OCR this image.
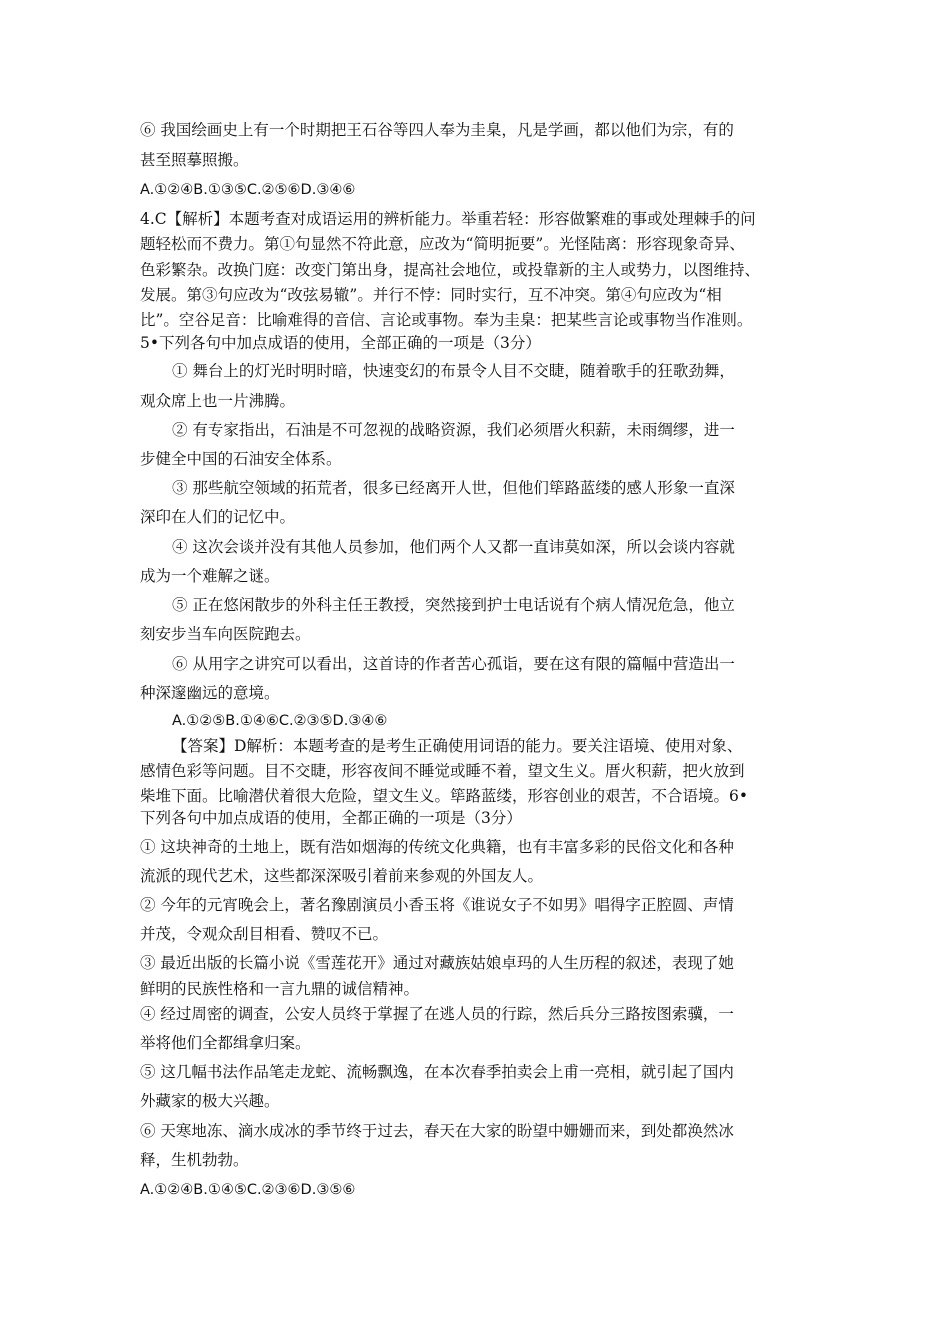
⑥ 我国绘画史上有一个时期把王石谷等四人奉为圭臬，凡是学画，都以他们为宗，有的
甚至照摹照搬。
A.①②④B.①③⑤C.②⑤⑥D.③④⑥
4.C【解析】本题考查对成语运用的辨析能力。举重若轻：形容做繁难的事或处理棘手的问
题轻松而不费力。第①句显然不符此意，应改为“简明扼要”。光怪陆离：形容现象奇异、
色彩繁杂。改换门庭：改变门第出身，提高社会地位，或投靠新的主人或势力，以图维持、
发展。第③句应改为“改弦易辙”。并行不悖：同时实行，互不冲突。第④句应改为“相
比”。空谷足音：比喻难得的音信、言论或事物。奉为圭臬：把某些言论或事物当作准则。
5•下列各句中加点成语的使用，全部正确的一项是（3分）
① 舞台上的灯光时明时暗，快速变幻的布景令人目不交睫，随着歌手的狂歌劲舞，
观众席上也一片沸腾。
② 有专家指出，石油是不可忽视的战略资源，我们必须厝火积薪，未雨绸缪，进一
步健全中国的石油安全体系。
③ 那些航空领域的拓荒者，很多已经离开人世，但他们筚路蓝缕的感人形象一直深
深印在人们的记忆中。
④ 这次会谈并没有其他人员参加，他们两个人又都一直讳莫如深，所以会谈内容就
成为一个难解之谜。
⑤ 正在悠闲散步的外科主任王教授，突然接到护士电话说有个病人情况危急，他立
刻安步当车向医院跑去。
⑥ 从用字之讲究可以看出，这首诗的作者苦心孤诣，要在这有限的篇幅中营造出一
种深邃幽远的意境。
A.①②⑤B.①④⑥C.②③⑤D.③④⑥
【答案】D解析：本题考查的是考生正确使用词语的能力。要关注语境、使用对象、
感情色彩等问题。目不交睫，形容夜间不睡觉或睡不着，望文生义。厝火积薪，把火放到
柴堆下面。比喻潜伏着很大危险，望文生义。筚路蓝缕，形容创业的艰苦，不合语境。6•
下列各句中加点成语的使用，全都正确的一项是（3分）
① 这块神奇的土地上，既有浩如烟海的传统文化典籍，也有丰富多彩的民俗文化和各种
流派的现代艺术，这些都深深吸引着前来参观的外国友人。
② 今年的元宵晚会上，著名豫剧演员小香玉将《谁说女子不如男》唱得字正腔圆、声情
并茂，令观众刮目相看、赞叹不已。
③ 最近出版的长篇小说《雪莲花开》通过对藏族姑娘卓玛的人生历程的叙述，表现了她
鲜明的民族性格和一言九鼎的诚信精神。
④ 经过周密的调查，公安人员终于掌握了在逃人员的行踪，然后兵分三路按图索骥，一
举将他们全都缉拿归案。
⑤ 这几幅书法作品笔走龙蛇、流畅飘逸，在本次春季拍卖会上甫一亮相，就引起了国内
外藏家的极大兴趣。
⑥ 天寒地冻、滴水成冰的季节终于过去，春天在大家的盼望中姗姗而来，到处都涣然冰
释，生机勃勃。
A.①②④B.①④⑤C.②③⑥D.③⑤⑥
